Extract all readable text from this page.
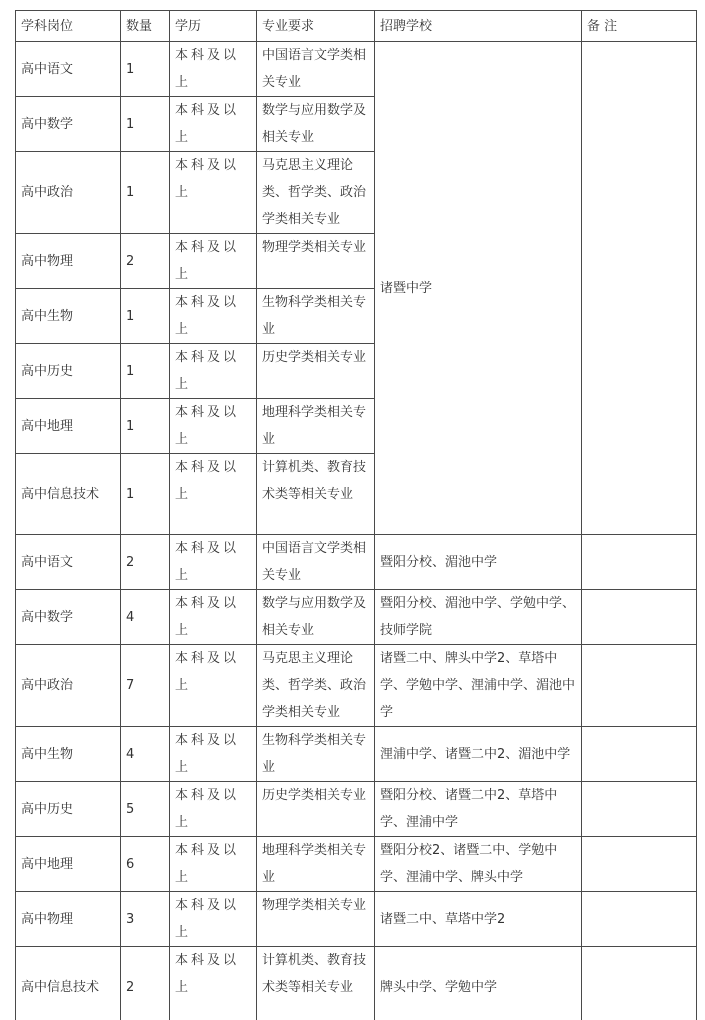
学科岗位	数量	学历	专业要求	招聘学校	备 注
高中语文	1	本科及以上	中国语言文学类相关专业	诸暨中学	
高中数学	1	本科及以上	数学与应用数学及相关专业		
高中政治	1	本科及以上	马克思主义理论类、哲学类、政治学类相关专业		
高中物理	2	本科及以上	物理学类相关专业		
高中生物	1	本科及以上	生物科学类相关专业		
高中历史	1	本科及以上	历史学类相关专业		
高中地理	1	本科及以上	地理科学类相关专业		
高中信息技术	1	本科及以上	计算机类、教育技术类等相关专业		
高中语文	2	本科及以上	中国语言文学类相关专业	暨阳分校、湄池中学	
高中数学	4	本科及以上	数学与应用数学及相关专业	暨阳分校、湄池中学、学勉中学、技师学院	
高中政治	7	本科及以上	马克思主义理论类、哲学类、政治学类相关专业	诸暨二中、牌头中学2、草塔中学、学勉中学、浬浦中学、湄池中学	
高中生物	4	本科及以上	生物科学类相关专业	浬浦中学、诸暨二中2、湄池中学	
高中历史	5	本科及以上	历史学类相关专业	暨阳分校、诸暨二中2、草塔中学、浬浦中学	
高中地理	6	本科及以上	地理科学类相关专业	暨阳分校2、诸暨二中、学勉中学、浬浦中学、牌头中学	
高中物理	3	本科及以上	物理学类相关专业	诸暨二中、草塔中学2	
高中信息技术	2	本科及以上	计算机类、教育技术类等相关专业	牌头中学、学勉中学	
